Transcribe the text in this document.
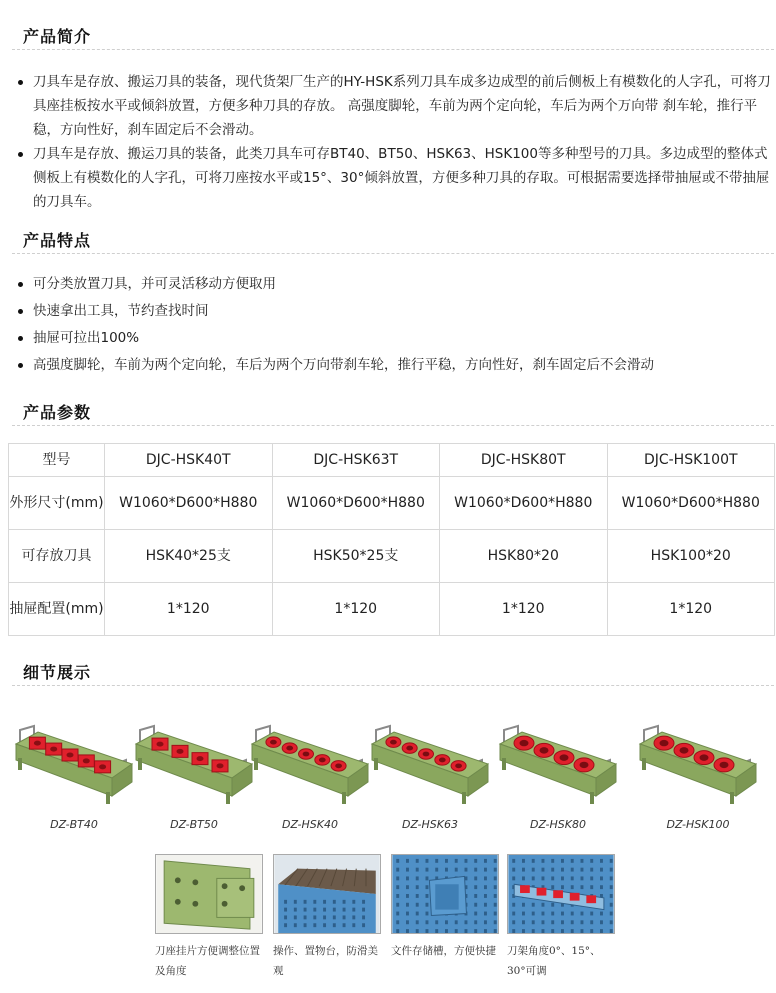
产品简介
刀具车是存放、搬运刀具的装备，现代货架厂生产的HY-HSK系列刀具车成多边成型的前后侧板上有模数化的人字孔，可将刀具座挂板按水平或倾斜放置，方便多种刀具的存放。 高强度脚轮，车前为两个定向轮，车后为两个万向带 刹车轮，推行平稳，方向性好，刹车固定后不会滑动。
刀具车是存放、搬运刀具的装备，此类刀具车可存BT40、BT50、HSK63、HSK100等多种型号的刀具。多边成型的整体式侧板上有模数化的人字孔，可将刀座按水平或15°、30°倾斜放置，方便多种刀具的存取。可根据需要选择带抽屉或不带抽屉的刀具车。
产品特点
可分类放置刀具，并可灵活移动方便取用
快速拿出工具，节约查找时间
抽屉可拉出100%
高强度脚轮，车前为两个定向轮，车后为两个万向带刹车轮，推行平稳，方向性好，刹车固定后不会滑动
产品参数
型号	DJC-HSK40T	DJC-HSK63T	DJC-HSK80T	DJC-HSK100T
外形尺寸(mm)	W1060*D600*H880	W1060*D600*H880	W1060*D600*H880	W1060*D600*H880
可存放刀具	HSK40*25支	HSK50*25支	HSK80*20	HSK100*20
抽屉配置(mm)	1*120	1*120	1*120	1*120
细节展示
DZ-BT40	DZ-BT50	DZ-HSK40	DZ-HSK63	DZ-HSK80	DZ-HSK100
刀座挂片方便调整位置及角度
操作、置物台，防滑美观
文件存储槽，方便快捷	刀架角度0°、15°、30°可调
